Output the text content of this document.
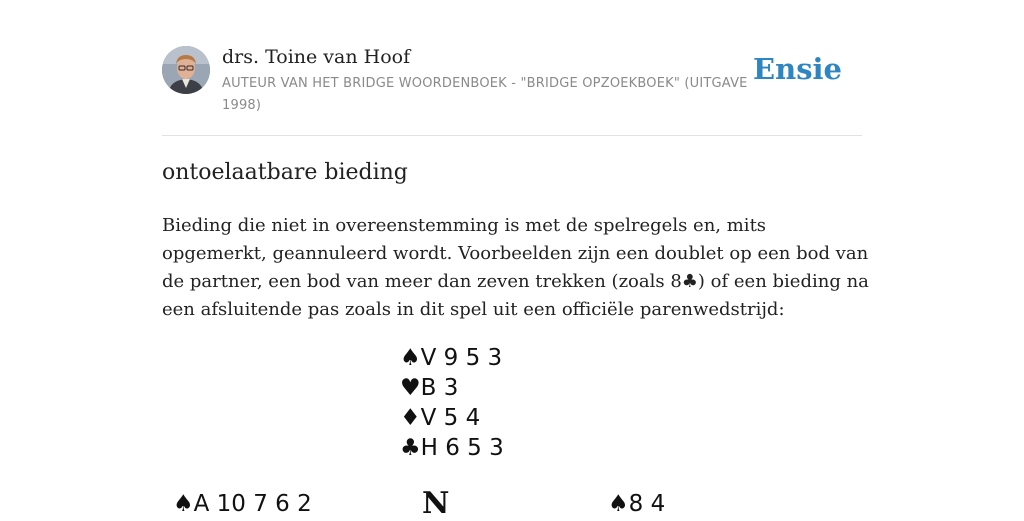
drs. Toine van Hoof
AUTEUR VAN HET BRIDGE WOORDENBOEK - "BRIDGE OPZOEKBOEK" (UITGAVE 1998)
Ensie
ontoelaatbare bieding
Bieding die niet in overeenstemming is met de spelregels en, mits opgemerkt, geannuleerd wordt. Voorbeelden zijn een doublet op een bod van de partner, een bod van meer dan zeven trekken (zoals 8♣) of een bieding na een afsluitende pas zoals in dit spel uit een officiële parenwedstrijd:
♠V 9 5 3
♥B 3
♦V 5 4
♣H 6 5 3
♠A 10 7 6 2	N	♠8 4
